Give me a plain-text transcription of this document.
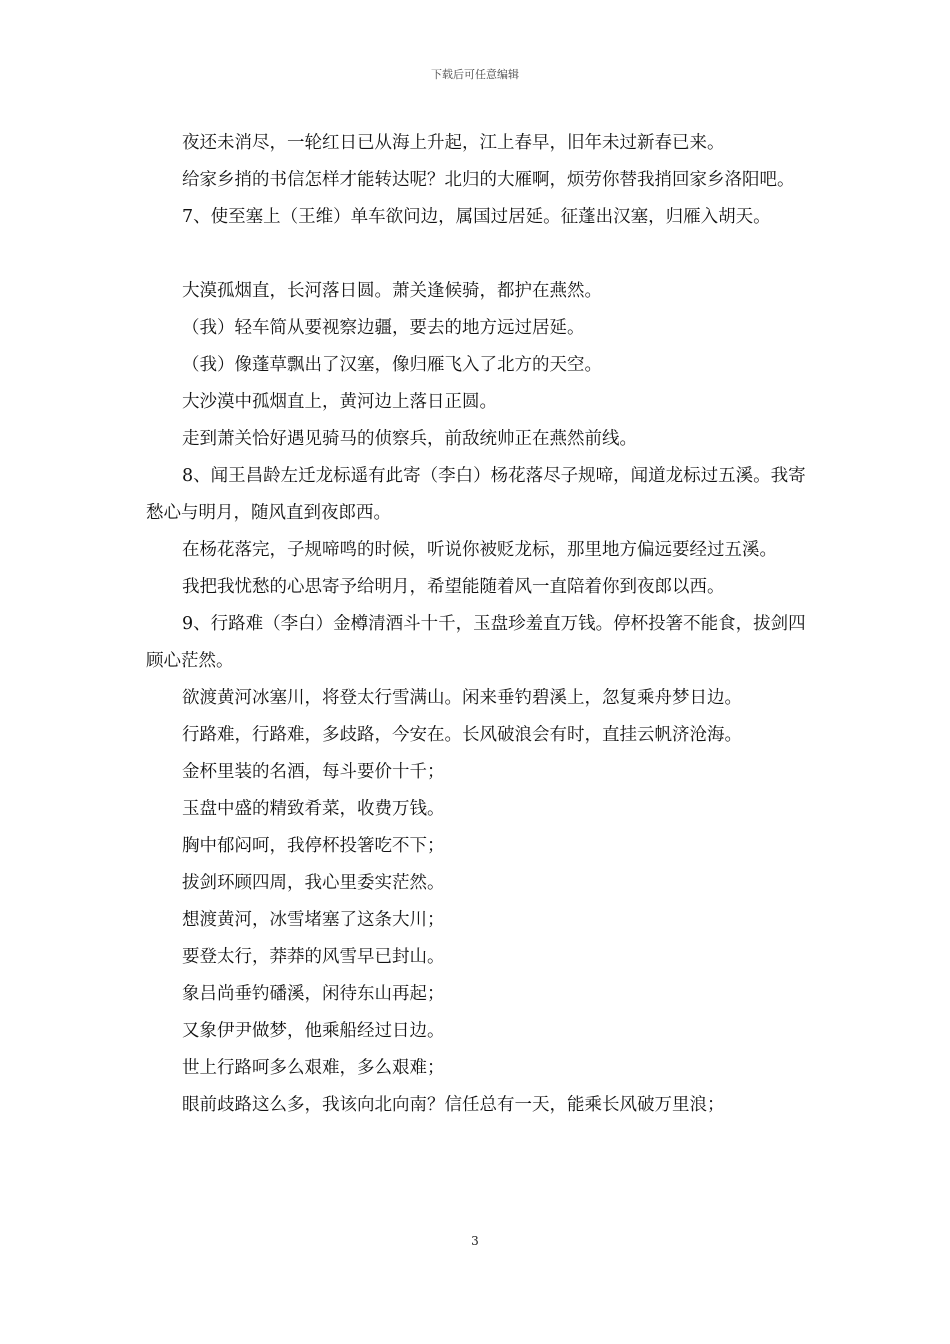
下载后可任意编辑

夜还未消尽，一轮红日已从海上升起，江上春早，旧年未过新春已来。

给家乡捎的书信怎样才能转达呢？北归的大雁啊，烦劳你替我捎回家乡洛阳吧。

7、使至塞上（王维）单车欲问边，属国过居延。征蓬出汉塞，归雁入胡天。

大漠孤烟直，长河落日圆。萧关逢候骑，都护在燕然。

（我）轻车简从要视察边疆，要去的地方远过居延。

（我）像蓬草飘出了汉塞，像归雁飞入了北方的天空。

大沙漠中孤烟直上，黄河边上落日正圆。

走到萧关恰好遇见骑马的侦察兵，前敌统帅正在燕然前线。

8、闻王昌龄左迁龙标遥有此寄（李白）杨花落尽子规啼，闻道龙标过五溪。我寄愁心与明月，随风直到夜郎西。

在杨花落完，子规啼鸣的时候，听说你被贬龙标，那里地方偏远要经过五溪。

我把我忧愁的心思寄予给明月，希望能随着风一直陪着你到夜郎以西。

9、行路难（李白）金樽清酒斗十千，玉盘珍羞直万钱。停杯投箸不能食，拔剑四顾心茫然。

欲渡黄河冰塞川，将登太行雪满山。闲来垂钓碧溪上，忽复乘舟梦日边。

行路难，行路难，多歧路，今安在。长风破浪会有时，直挂云帆济沧海。

金杯里装的名酒，每斗要价十千；

玉盘中盛的精致肴菜，收费万钱。

胸中郁闷呵，我停杯投箸吃不下；

拔剑环顾四周，我心里委实茫然。

想渡黄河，冰雪堵塞了这条大川；

要登太行，莽莽的风雪早已封山。

象吕尚垂钓磻溪，闲待东山再起；

又象伊尹做梦，他乘船经过日边。

世上行路呵多么艰难，多么艰难；

眼前歧路这么多，我该向北向南？信任总有一天，能乘长风破万里浪；

3
